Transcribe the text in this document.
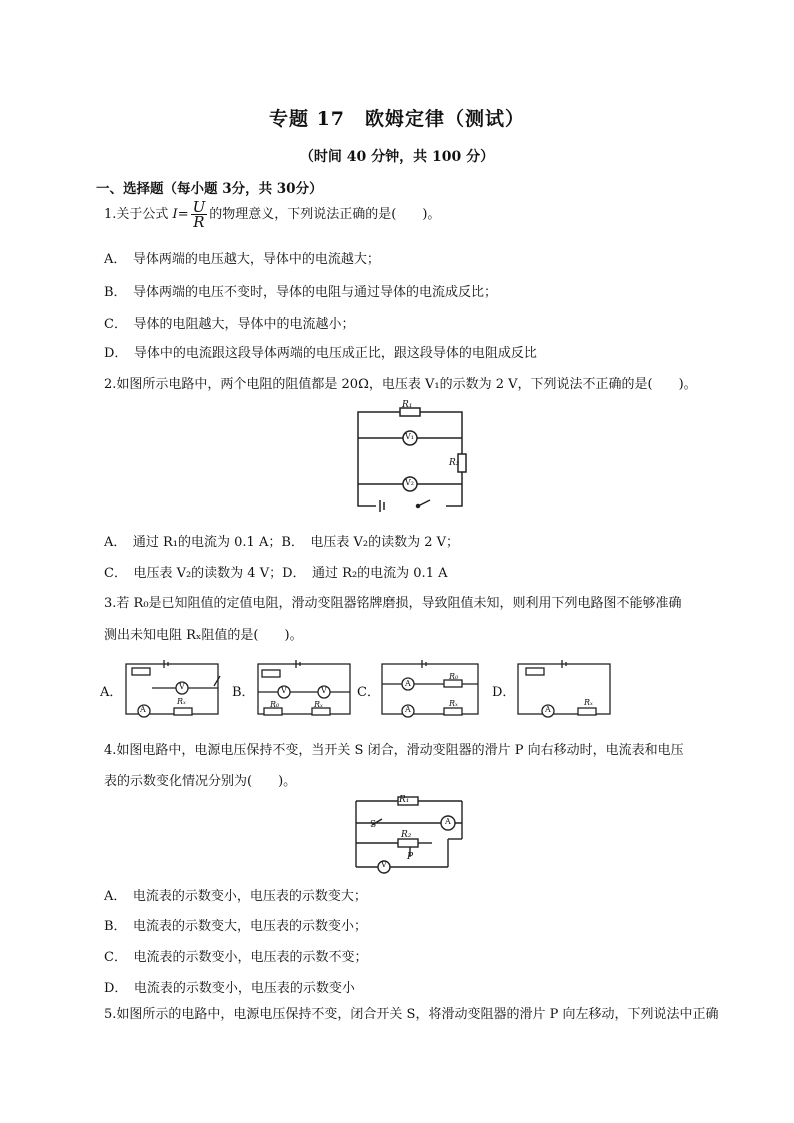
专题 17　欧姆定律（测试）
（时间 40 分钟，共 100 分）
一、选择题（每小题 3分，共 30分）
1.关于公式 $I= \frac{U}{R}$ 的物理意义，下列说法正确的是(　　)。
A．　导体两端的电压越大，导体中的电流越大；
B．　导体两端的电压不变时，导体的电阻与通过导体的电流成反比；
C．　导体的电阻越大，导体中的电流越小；
D．　导体中的电流跟这段导体两端的电压成正比，跟这段导体的电阻成反比
2.如图所示电路中，两个电阻的阻值都是 20Ω，电压表 V₁的示数为 2 V，下列说法不正确的是(　　)。
R₁
V₁
R₂
V₂
A．　通过 R₁的电流为 0.1 A；B．　电压表 V₂的读数为 2 V；
C．　电压表 V₂的读数为 4 V；D．　通过 R₂的电流为 0.1 A
3.若 R₀是已知阻值的定值电阻，滑动变阻器铭牌磨损，导致阻值未知，则利用下列电路图不能够准确
测出未知电阻 Rₓ阻值的是(　　)。
A．
A
V
Rₓ
B．	V	V
R₀	Rₓ
C．
A
R₀
A
Rₓ
D．
A
Rₓ
4.如图电路中，电源电压保持不变，当开关 S 闭合，滑动变阻器的滑片 P 向右移动时，电流表和电压
表的示数变化情况分别为(　　)。
R₁
A
S
R₂
P
V
A．　电流表的示数变小，电压表的示数变大；
B．　电流表的示数变大，电压表的示数变小；
C．　电流表的示数变小，电压表的示数不变；
D．　电流表的示数变小，电压表的示数变小
5.如图所示的电路中，电源电压保持不变，闭合开关 S，将滑动变阻器的滑片 P 向左移动，下列说法中正确
